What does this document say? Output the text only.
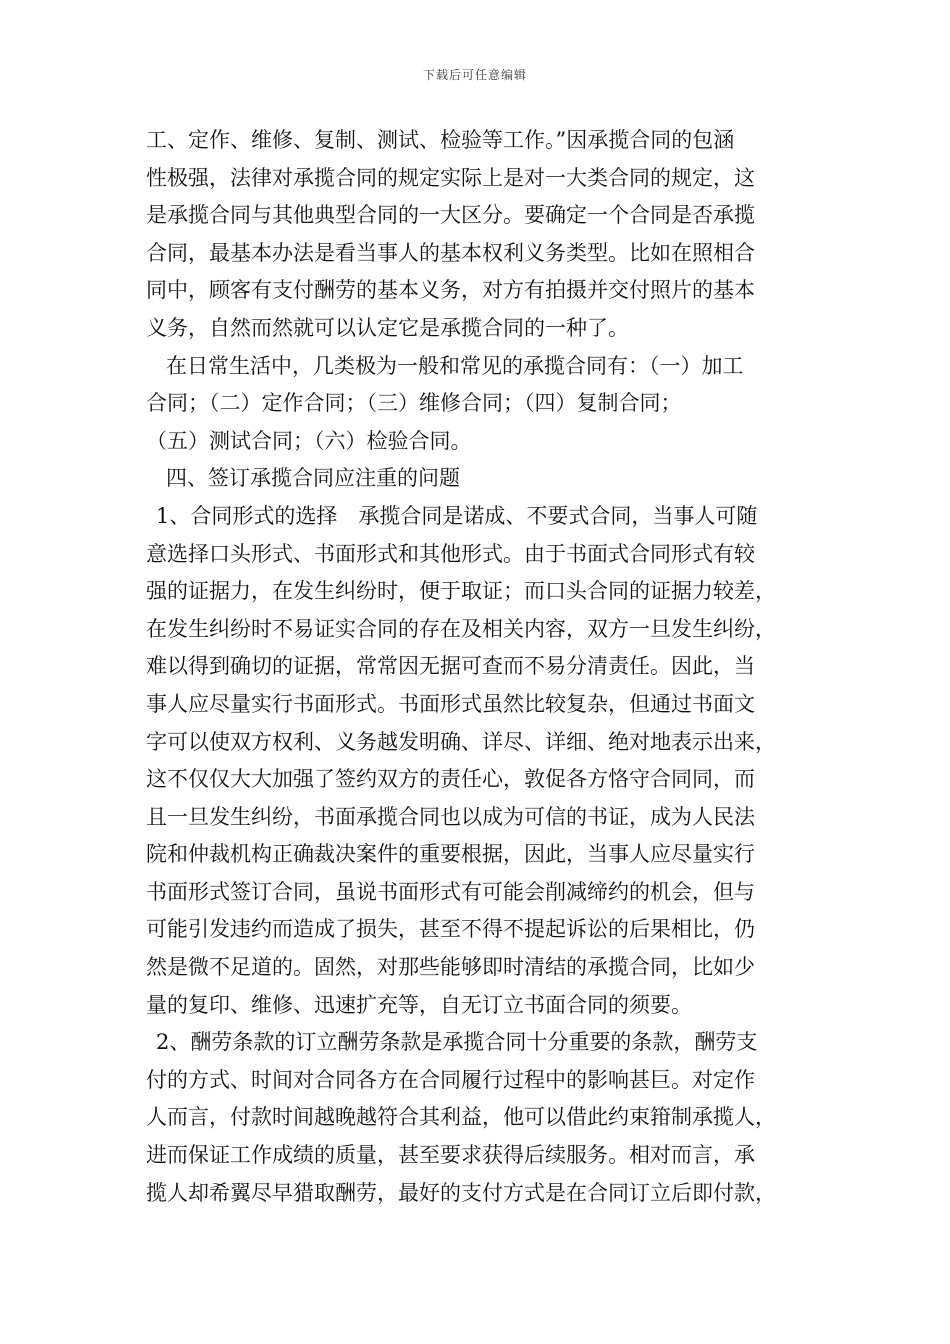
下载后可任意编辑
工、定作、维修、复制、测试、检验等工作。”因承揽合同的包涵
性极强，法律对承揽合同的规定实际上是对一大类合同的规定，这
是承揽合同与其他典型合同的一大区分。要确定一个合同是否承揽
合同，最基本办法是看当事人的基本权利义务类型。比如在照相合
同中，顾客有支付酬劳的基本义务，对方有拍摄并交付照片的基本
义务，自然而然就可以认定它是承揽合同的一种了。
在日常生活中，几类极为一般和常见的承揽合同有：（一）加工
合同；（二）定作合同；（三）维修合同；（四）复制合同；
（五）测试合同；（六）检验合同。
四、签订承揽合同应注重的问题
1、合同形式的选择　承揽合同是诺成、不要式合同，当事人可随
意选择口头形式、书面形式和其他形式。由于书面式合同形式有较
强的证据力，在发生纠纷时，便于取证；而口头合同的证据力较差，
在发生纠纷时不易证实合同的存在及相关内容，双方一旦发生纠纷，
难以得到确切的证据，常常因无据可查而不易分清责任。因此，当
事人应尽量实行书面形式。书面形式虽然比较复杂，但通过书面文
字可以使双方权利、义务越发明确、详尽、详细、绝对地表示出来，
这不仅仅大大加强了签约双方的责任心，敦促各方恪守合同同，而
且一旦发生纠纷，书面承揽合同也以成为可信的书证，成为人民法
院和仲裁机构正确裁决案件的重要根据，因此，当事人应尽量实行
书面形式签订合同，虽说书面形式有可能会削减缔约的机会，但与
可能引发违约而造成了损失，甚至不得不提起诉讼的后果相比，仍
然是微不足道的。固然，对那些能够即时清结的承揽合同，比如少
量的复印、维修、迅速扩充等，自无订立书面合同的须要。
2、酬劳条款的订立酬劳条款是承揽合同十分重要的条款，酬劳支
付的方式、时间对合同各方在合同履行过程中的影响甚巨。对定作
人而言，付款时间越晚越符合其利益，他可以借此约束箝制承揽人，
进而保证工作成绩的质量，甚至要求获得后续服务。相对而言，承
揽人却希翼尽早猎取酬劳，最好的支付方式是在合同订立后即付款，
